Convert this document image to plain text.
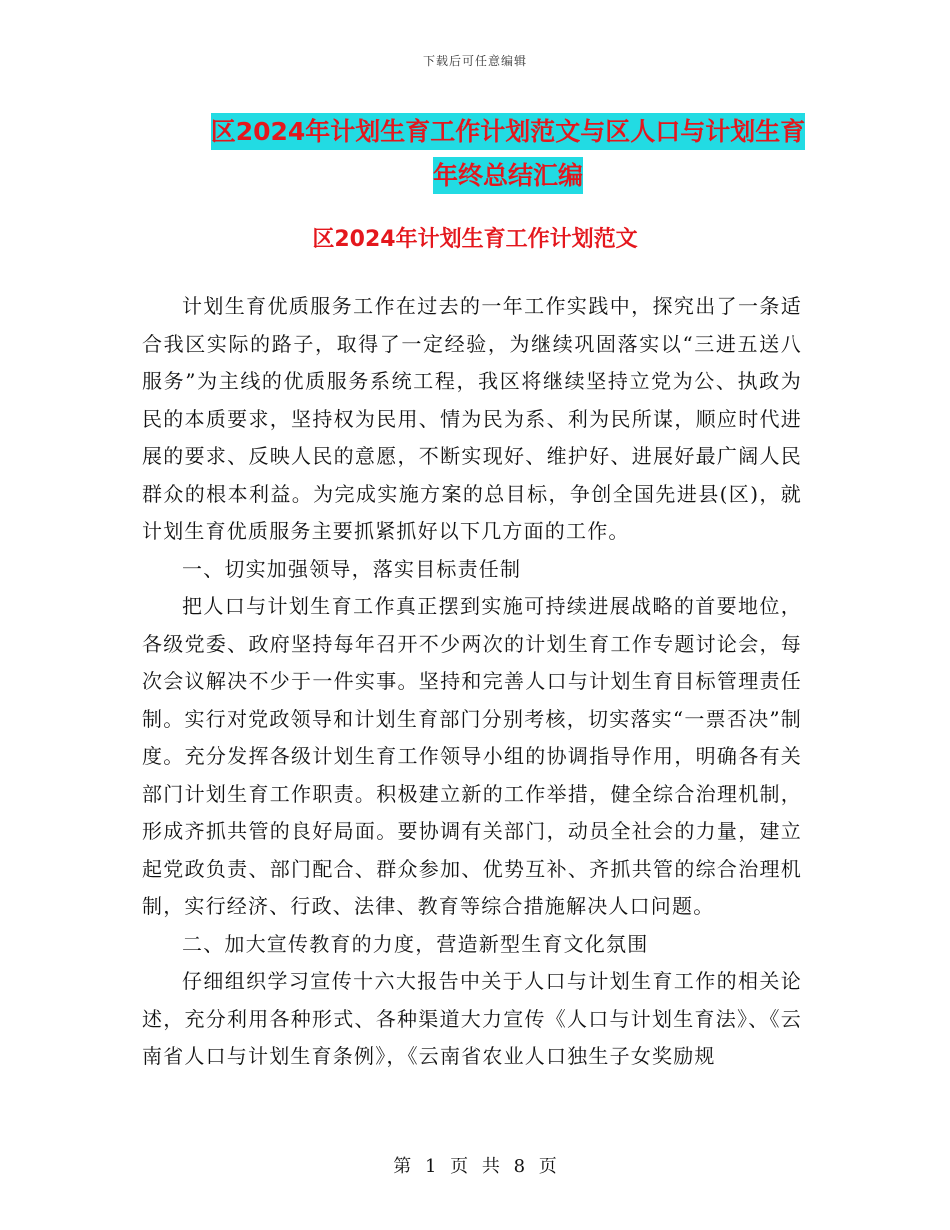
下载后可任意编辑
区2024年计划生育工作计划范文与区人口与计划生育
年终总结汇编
区2024年计划生育工作计划范文

计划生育优质服务工作在过去的一年工作实践中，探究出了一条适合我区实际的路子，取得了一定经验，为继续巩固落实以“三进五送八服务”为主线的优质服务系统工程，我区将继续坚持立党为公、执政为民的本质要求，坚持权为民用、情为民为系、利为民所谋，顺应时代进展的要求、反映人民的意愿，不断实现好、维护好、进展好最广阔人民群众的根本利益。为完成实施方案的总目标，争创全国先进县(区)，就计划生育优质服务主要抓紧抓好以下几方面的工作。

一、切实加强领导，落实目标责任制

把人口与计划生育工作真正摆到实施可持续进展战略的首要地位，各级党委、政府坚持每年召开不少两次的计划生育工作专题讨论会，每次会议解决不少于一件实事。坚持和完善人口与计划生育目标管理责任制。实行对党政领导和计划生育部门分别考核，切实落实“一票否决”制度。充分发挥各级计划生育工作领导小组的协调指导作用，明确各有关部门计划生育工作职责。积极建立新的工作举措，健全综合治理机制，形成齐抓共管的良好局面。要协调有关部门，动员全社会的力量，建立起党政负责、部门配合、群众参加、优势互补、齐抓共管的综合治理机制，实行经济、行政、法律、教育等综合措施解决人口问题。

二、加大宣传教育的力度，营造新型生育文化氛围

仔细组织学习宣传十六大报告中关于人口与计划生育工作的相关论述，充分利用各种形式、各种渠道大力宣传《人口与计划生育法》、《云南省人口与计划生育条例》，《云南省农业人口独生子女奖励规

第 1 页 共 8 页
